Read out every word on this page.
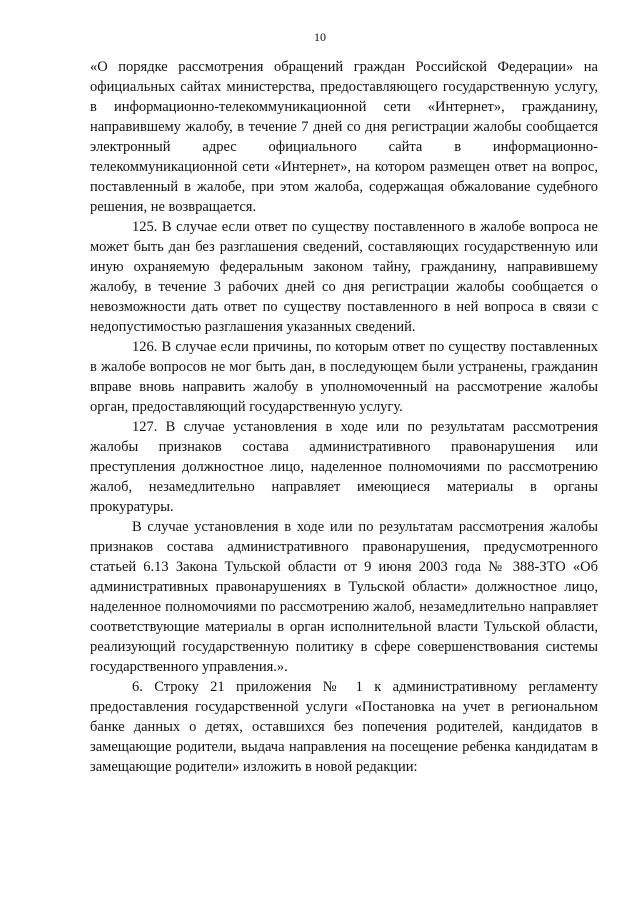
10

«О порядке рассмотрения обращений граждан Российской Федерации» на официальных сайтах министерства, предоставляющего государственную услугу, в информационно-телекоммуникационной сети «Интернет», гражданину, направившему жалобу, в течение 7 дней со дня регистрации жалобы сообщается электронный адрес официального сайта в информационно-телекоммуникационной сети «Интернет», на котором размещен ответ на вопрос, поставленный в жалобе, при этом жалоба, содержащая обжалование судебного решения, не возвращается.

125. В случае если ответ по существу поставленного в жалобе вопроса не может быть дан без разглашения сведений, составляющих государственную или иную охраняемую федеральным законом тайну, гражданину, направившему жалобу, в течение 3 рабочих дней со дня регистрации жалобы сообщается о невозможности дать ответ по существу поставленного в ней вопроса в связи с недопустимостью разглашения указанных сведений.

126. В случае если причины, по которым ответ по существу поставленных в жалобе вопросов не мог быть дан, в последующем были устранены, гражданин вправе вновь направить жалобу в уполномоченный на рассмотрение жалобы орган, предоставляющий государственную услугу.

127. В случае установления в ходе или по результатам рассмотрения жалобы признаков состава административного правонарушения или преступления должностное лицо, наделенное полномочиями по рассмотрению жалоб, незамедлительно направляет имеющиеся материалы в органы прокуратуры.

В случае установления в ходе или по результатам рассмотрения жалобы признаков состава административного правонарушения, предусмотренного статьей 6.13 Закона Тульской области от 9 июня 2003 года № 388-ЗТО «Об административных правонарушениях в Тульской области» должностное лицо, наделенное полномочиями по рассмотрению жалоб, незамедлительно направляет соответствующие материалы в орган исполнительной власти Тульской области, реализующий государственную политику в сфере совершенствования системы государственного управления.».

6. Строку 21 приложения № 1 к административному регламенту предоставления государственной услуги «Постановка на учет в региональном банке данных о детях, оставшихся без попечения родителей, кандидатов в замещающие родители, выдача направления на посещение ребенка кандидатам в замещающие родители» изложить в новой редакции:
